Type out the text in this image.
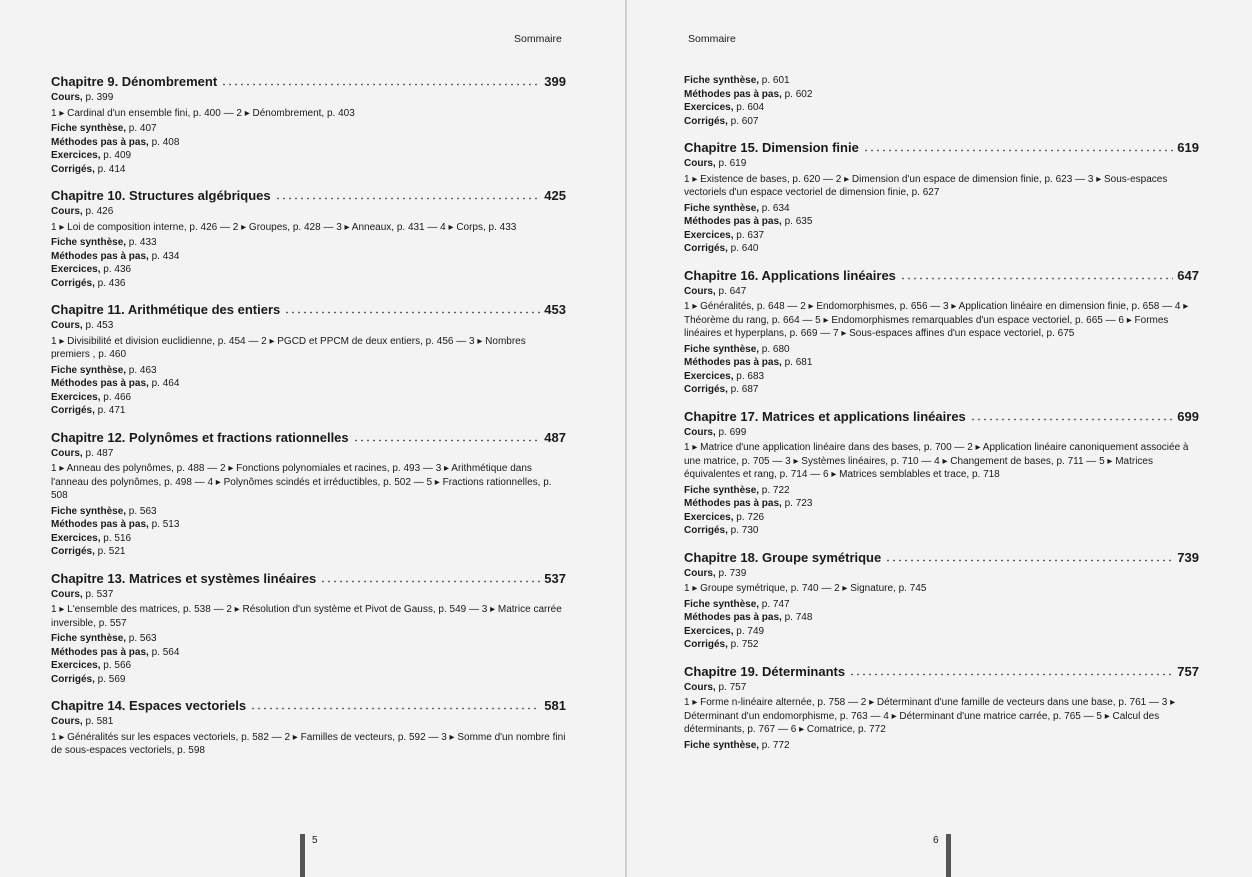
Sommaire
Chapitre 9. Dénombrement	399
Cours, p. 399
1 ▸ Cardinal d'un ensemble fini, p. 400 — 2 ▸ Dénombrement, p. 403
Fiche synthèse, p. 407
Méthodes pas à pas, p. 408
Exercices, p. 409
Corrigés, p. 414
Chapitre 10. Structures algébriques	425
Cours, p. 426
1 ▸ Loi de composition interne, p. 426 — 2 ▸ Groupes, p. 428 — 3 ▸ Anneaux, p. 431 — 4 ▸ Corps, p. 433
Fiche synthèse, p. 433
Méthodes pas à pas, p. 434
Exercices, p. 436
Corrigés, p. 436
Chapitre 11. Arithmétique des entiers	453
Cours, p. 453
1 ▸ Divisibilité et division euclidienne, p. 454 — 2 ▸ PGCD et PPCM de deux entiers, p. 456 — 3 ▸ Nombres premiers , p. 460
Fiche synthèse, p. 463
Méthodes pas à pas, p. 464
Exercices, p. 466
Corrigés, p. 471
Chapitre 12. Polynômes et fractions rationnelles	487
Cours, p. 487
1 ▸ Anneau des polynômes, p. 488 — 2 ▸ Fonctions polynomiales et racines, p. 493 — 3 ▸ Arithmétique dans l'anneau des polynômes, p. 498 — 4 ▸ Polynômes scindés et irréductibles, p. 502 — 5 ▸ Fractions rationnelles, p. 508
Fiche synthèse, p. 563
Méthodes pas à pas, p. 513
Exercices, p. 516
Corrigés, p. 521
Chapitre 13. Matrices et systèmes linéaires	537
Cours, p. 537
1 ▸ L'ensemble des matrices, p. 538 — 2 ▸ Résolution d'un système et Pivot de Gauss, p. 549 — 3 ▸ Matrice carrée inversible, p. 557
Fiche synthèse, p. 563
Méthodes pas à pas, p. 564
Exercices, p. 566
Corrigés, p. 569
Chapitre 14. Espaces vectoriels	581
Cours, p. 581
1 ▸ Généralités sur les espaces vectoriels, p. 582 — 2 ▸ Familles de vecteurs, p. 592 — 3 ▸ Somme d'un nombre fini de sous-espaces vectoriels, p. 598
5
Sommaire
Fiche synthèse, p. 601
Méthodes pas à pas, p. 602
Exercices, p. 604
Corrigés, p. 607
Chapitre 15. Dimension finie	619
Cours, p. 619
1 ▸ Existence de bases, p. 620 — 2 ▸ Dimension d'un espace de dimension finie, p. 623 — 3 ▸ Sous-espaces vectoriels d'un espace vectoriel de dimension finie, p. 627
Fiche synthèse, p. 634
Méthodes pas à pas, p. 635
Exercices, p. 637
Corrigés, p. 640
Chapitre 16. Applications linéaires	647
Cours, p. 647
1 ▸ Généralités, p. 648 — 2 ▸ Endomorphismes, p. 656 — 3 ▸ Application linéaire en dimension finie, p. 658 — 4 ▸ Théorème du rang, p. 664 — 5 ▸ Endomorphismes remarquables d'un espace vectoriel, p. 665 — 6 ▸ Formes linéaires et hyperplans, p. 669 — 7 ▸ Sous-espaces affines d'un espace vectoriel, p. 675
Fiche synthèse, p. 680
Méthodes pas à pas, p. 681
Exercices, p. 683
Corrigés, p. 687
Chapitre 17. Matrices et applications linéaires	699
Cours, p. 699
1 ▸ Matrice d'une application linéaire dans des bases, p. 700 — 2 ▸ Application linéaire canoniquement associée à une matrice, p. 705 — 3 ▸ Systèmes linéaires, p. 710 — 4 ▸ Changement de bases, p. 711 — 5 ▸ Matrices équivalentes et rang, p. 714 — 6 ▸ Matrices semblables et trace, p. 718
Fiche synthèse, p. 722
Méthodes pas à pas, p. 723
Exercices, p. 726
Corrigés, p. 730
Chapitre 18. Groupe symétrique	739
Cours, p. 739
1 ▸ Groupe symétrique, p. 740 — 2 ▸ Signature, p. 745
Fiche synthèse, p. 747
Méthodes pas à pas, p. 748
Exercices, p. 749
Corrigés, p. 752
Chapitre 19. Déterminants	757
Cours, p. 757
1 ▸ Forme n-linéaire alternée, p. 758 — 2 ▸ Déterminant d'une famille de vecteurs dans une base, p. 761 — 3 ▸ Déterminant d'un endomorphisme, p. 763 — 4 ▸ Déterminant d'une matrice carrée, p. 765 — 5 ▸ Calcul des déterminants, p. 767 — 6 ▸ Comatrice, p. 772
Fiche synthèse, p. 772
6
